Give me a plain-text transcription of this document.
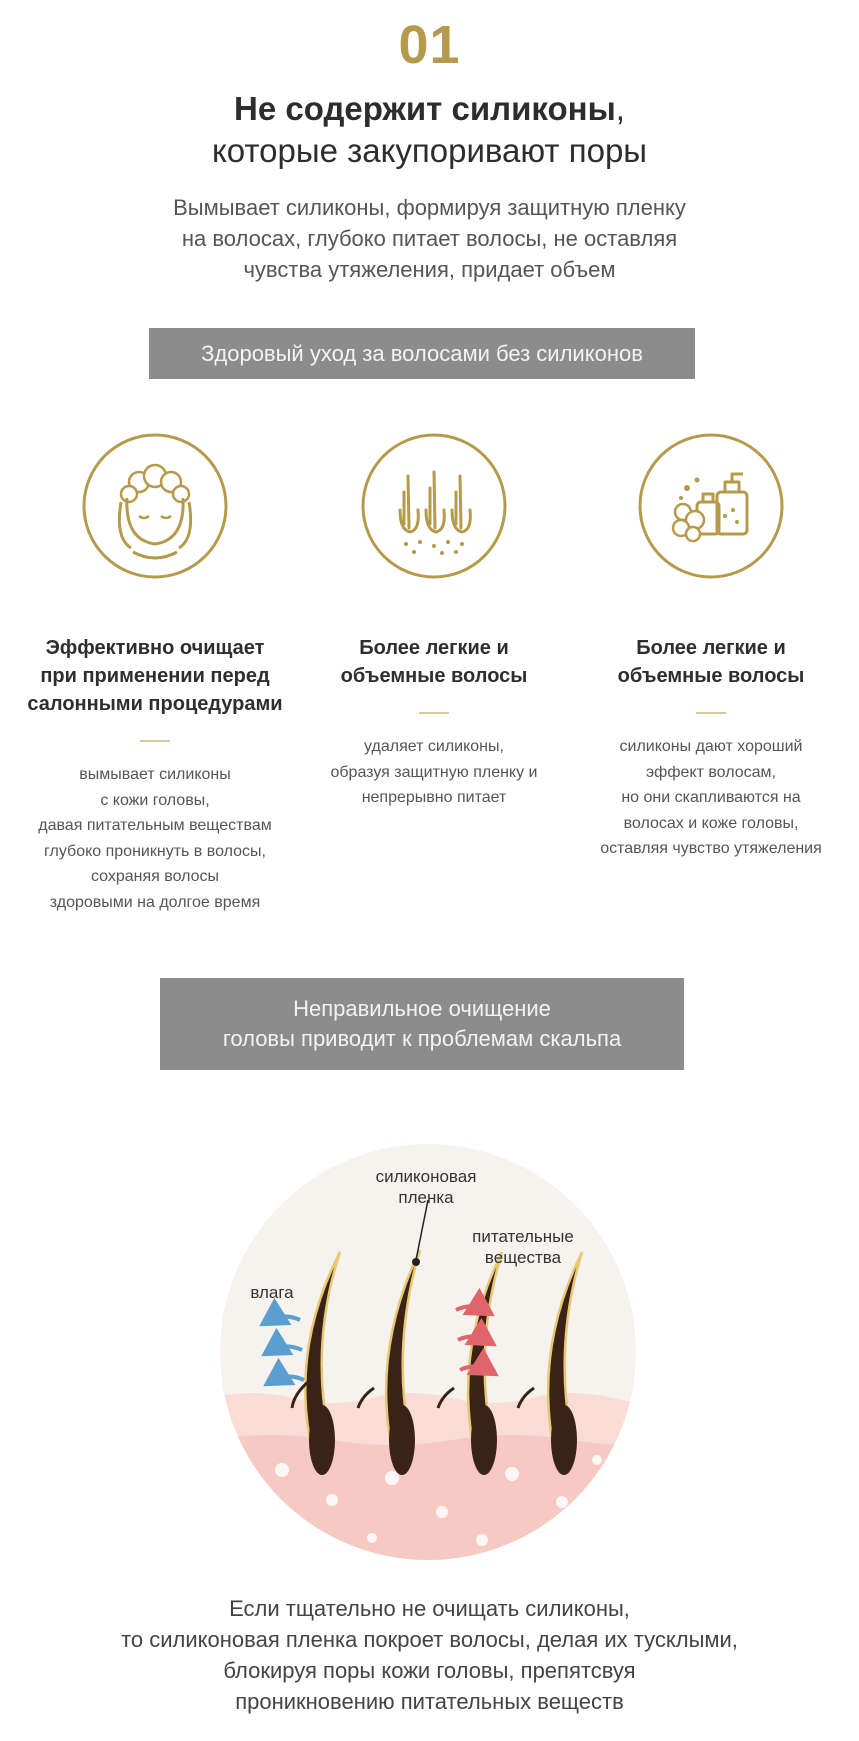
01
Не содержит силиконы,
которые закупоривают поры
Вымывает силиконы, формируя защитную пленку
на волосах, глубоко питает волосы, не оставляя
чувства утяжеления, придает объем
Здоровый уход за волосами без силиконов
Эффективно очищает
при применении перед
салонными процедурами
вымывает силиконы
с кожи головы,
давая питательным веществам
глубоко проникнуть в волосы,
сохраняя волосы
здоровыми на долгое время
Более легкие и
объемные волосы
удаляет силиконы,
образуя защитную пленку и
непрерывно питает
Более легкие и
объемные волосы
силиконы дают хороший
эффект волосам,
но они скапливаются на
волосах и коже головы,
оставляя чувство утяжеления
Неправильное очищение
головы приводит к проблемам скальпа
силиконовая
пленка
питательные
вещества
влага
Если тщательно не очищать силиконы,
то силиконовая пленка покроет волосы, делая их тусклыми,
блокируя поры кожи головы, препятсвуя
проникновению питательных веществ
